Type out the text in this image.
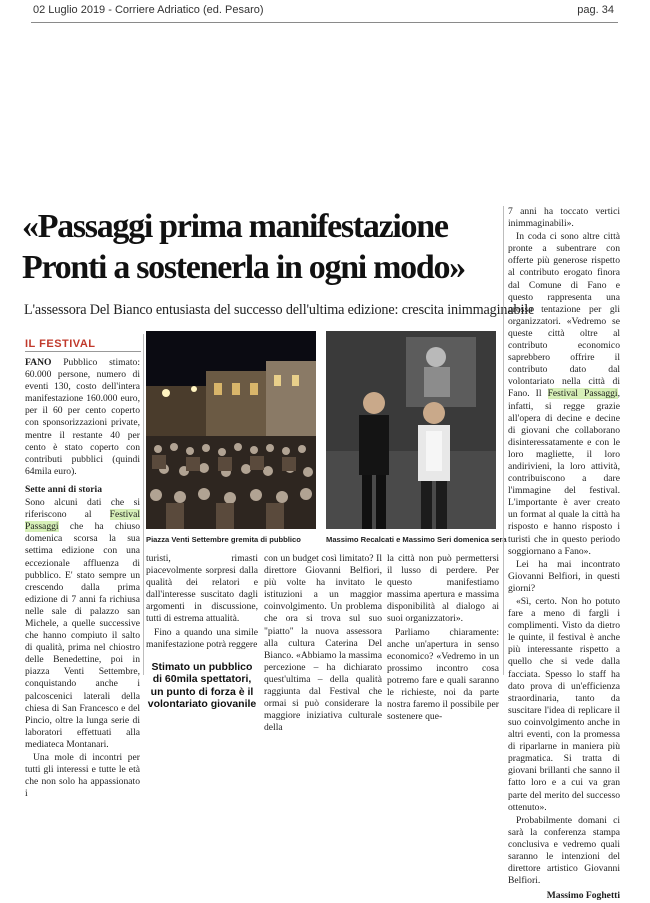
02 Luglio 2019 - Corriere Adriatico (ed. Pesaro)	pag. 34
«Passaggi prima manifestazione
Pronti a sostenerla in ogni modo»
L'assessora Del Bianco entusiasta del successo dell'ultima edizione: crescita inimmaginabile
IL FESTIVAL

FANO Pubblico stimato: 60.000 persone, numero di eventi 130, costo dell'intera manifestazione 160.000 euro, per il 60 per cento coperto con sponsorizzazioni private, mentre il restante 40 per cento è stato coperto con contributi pubblici (quindi 64mila euro).

Sette anni di storia

Sono alcuni dati che si riferiscono al Festival Passaggi che ha chiuso domenica scorsa la sua settima edizione con una eccezionale affluenza di pubblico. E' stato sempre un crescendo dalla prima edizione di 7 anni fa richiusa nelle sale di palazzo san Michele, a quelle successive che hanno compiuto il salto di qualità, prima nel chiostro delle Benedettine, poi in piazza Venti Settembre, conquistando anche i palcoscenici laterali della chiesa di San Francesco e del Pincio, oltre la lunga serie di laboratori effettuati alla mediateca Montanari.

Una mole di incontri per tutti gli interessi e tutte le età che non solo ha appassionato i

Piazza Venti Settembre gremita di pubblico	Massimo Recalcati e Massimo Seri domenica sera

turisti, rimasti piacevolmente sorpresi dalla qualità dei relatori e dall'interesse suscitato dagli argomenti in discussione, tutti di estrema attualità.

Fino a quando una simile manifestazione potrà reggere

Stimato un pubblico di 60mila spettatori, un punto di forza è il volontariato giovanile

con un budget così limitato? Il direttore Giovanni Belfiori, più volte ha invitato le istituzioni a un maggior coinvolgimento. Un problema che ora si trova sul suo "piatto" la nuova assessora alla cultura Caterina Del Bianco. «Abbiamo la massima percezione – ha dichiarato quest'ultima – della qualità raggiunta dal Festival che ormai si può considerare la maggiore iniziativa culturale della

la città non può permettersi il lusso di perdere. Per questo manifestiamo massima apertura e massima disponibilità al dialogo ai suoi organizzatori».

Parliamo chiaramente: anche un'apertura in senso economico? «Vedremo in un prossimo incontro cosa potremo fare e quali saranno le richieste, noi da parte nostra faremo il possibile per sostenere que-

7 anni ha toccato vertici inimmaginabili».

In coda ci sono altre città pronte a subentrare con offerte più generose rispetto al contributo erogato finora dal Comune di Fano e questo rappresenta una grossa tentazione per gli organizzatori. «Vedremo se queste città oltre al contributo economico saprebbero offrire il contributo dato dal volontariato nella città di Fano. Il Festival Passaggi, infatti, si regge grazie all'opera di decine e decine di giovani che collaborano disinteressatamente e con le loro magliette, il loro andirivieni, la loro attività, contribuiscono a dare l'immagine del festival. L'importante è aver creato un format al quale la città ha risposto e hanno risposto i turisti che in questo periodo soggiornano a Fano».

Lei ha mai incontrato Giovanni Belfiori, in questi giorni?

«Sì, certo. Non ho potuto fare a meno di fargli i complimenti. Visto da dietro le quinte, il festival è anche più interessante rispetto a quello che si vede dalla facciata. Spesso lo staff ha dato prova di un'efficienza straordinaria, tanto da suscitare l'idea di replicare il suo coinvolgimento anche in altri eventi, con la promessa di riparlarne in maniera più pragmatica. Si tratta di giovani brillanti che sanno il fatto loro e a cui va gran parte del merito del successo ottenuto».

Probabilmente domani ci sarà la conferenza stampa conclusiva e vedremo quali saranno le intenzioni del direttore artistico Giovanni Belfiori.

Massimo Foghetti
